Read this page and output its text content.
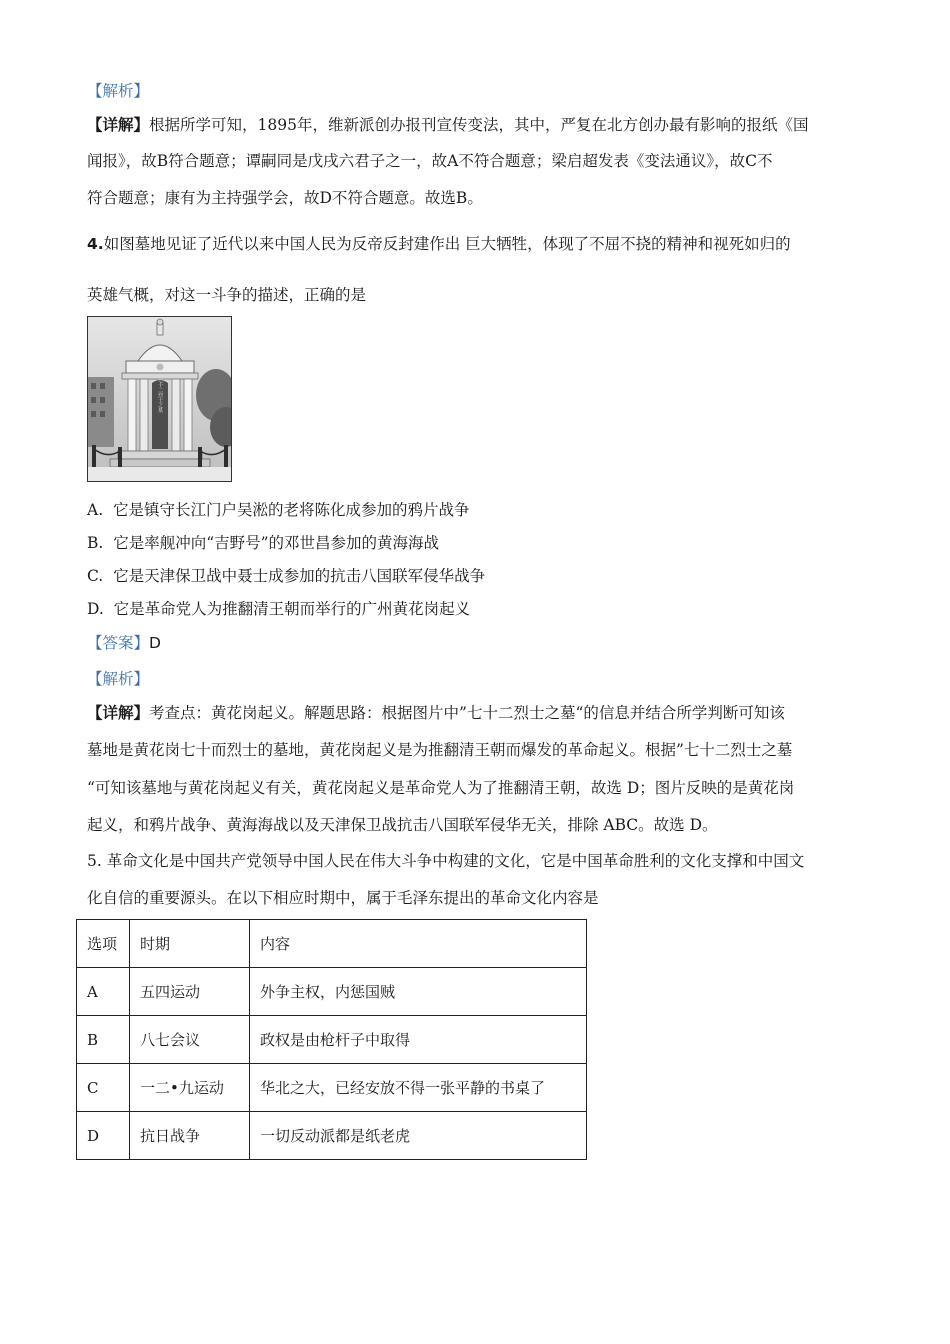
【解析】
【详解】根据所学可知，1895年，维新派创办报刊宣传变法，其中，严复在北方创办最有影响的报纸《国
闻报》，故B符合题意；谭嗣同是戊戌六君子之一，故A不符合题意；梁启超发表《变法通议》，故C不
符合题意；康有为主持强学会，故D不符合题意。故选B。
4.如图墓地见证了近代以来中国人民为反帝反封建作出 巨大牺牲，体现了不屈不挠的精神和视死如归的
英雄气概，对这一斗争的描述，正确的是
七十二烈士之墓
A. 它是镇守长江门户吴淞的老将陈化成参加的鸦片战争
B. 它是率舰冲向“吉野号”的邓世昌参加的黄海海战
C. 它是天津保卫战中聂士成参加的抗击八国联军侵华战争
D. 它是革命党人为推翻清王朝而举行的广州黄花岗起义
【答案】D
【解析】
【详解】考查点：黄花岗起义。解题思路：根据图片中”七十二烈士之墓“的信息并结合所学判断可知该
墓地是黄花岗七十而烈士的墓地，黄花岗起义是为推翻清王朝而爆发的革命起义。根据”七十二烈士之墓
“可知该墓地与黄花岗起义有关，黄花岗起义是革命党人为了推翻清王朝，故选 D；图片反映的是黄花岗
起义，和鸦片战争、黄海海战以及天津保卫战抗击八国联军侵华无关，排除 ABC。故选 D。
5. 革命文化是中国共产党领导中国人民在伟大斗争中构建的文化，它是中国革命胜利的文化支撑和中国文
化自信的重要源头。在以下相应时期中，属于毛泽东提出的革命文化内容是
选项	时期	内容
A	五四运动	外争主权，内惩国贼
B	八七会议	政权是由枪杆子中取得
C	一二•九运动	华北之大，已经安放不得一张平静的书桌了
D	抗日战争	一切反动派都是纸老虎
